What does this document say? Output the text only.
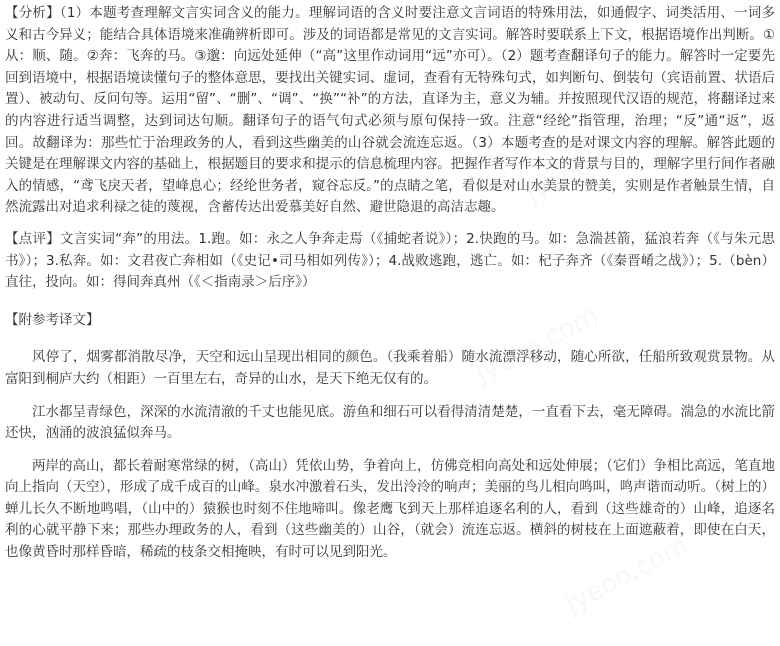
jyeoo.com
jyeoo.com
jyeoo.com

【分析】（1）本题考查理解文言实词含义的能力。理解词语的含义时要注意文言词语的特殊用法，如通假字、词类活用、一词多义和古今异义；能结合具体语境来准确辨析即可。涉及的词语都是常见的文言实词。解答时要联系上下文，根据语境作出判断。①从：顺、随。②奔：飞奔的马。③邈：向远处延伸（“高”这里作动词用“远”亦可）。（2）题考查翻译句子的能力。解答时一定要先回到语境中，根据语境读懂句子的整体意思，要找出关键实词、虚词，查看有无特殊句式，如判断句、倒装句（宾语前置、状语后置）、被动句、反问句等。运用“留”、“删”、“调”、“换”“补”的方法，直译为主，意义为辅。并按照现代汉语的规范，将翻译过来的内容进行适当调整，达到词达句顺。翻译句子的语气句式必须与原句保持一致。注意“经纶”指管理，治理；“反”通“返”，返回。故翻译为：那些忙于治理政务的人，看到这些幽美的山谷就会流连忘返。（3）本题考查的是对课文内容的理解。解答此题的关键是在理解课文内容的基础上，根据题目的要求和提示的信息梳理内容。把握作者写作本文的背景与目的，理解字里行间作者融入的情感，“鸢飞戾天者，望峰息心；经纶世务者，窥谷忘反。”的点睛之笔，看似是对山水美景的赞美，实则是作者触景生情，自然流露出对追求利禄之徒的蔑视，含蓄传达出爱慕美好自然、避世隐退的高洁志趣。

【点评】文言实词“奔”的用法。1.跑。如：永之人争奔走焉（《捕蛇者说》）；2.快跑的马。如：急湍甚箭，猛浪若奔（《与朱元思书》）；3.私奔。如：文君夜亡奔相如（《史记•司马相如列传》）；4.战败逃跑，逃亡。如：杞子奔齐（《秦晋崤之战》）；5.（bèn）直往，投向。如：得间奔真州（《＜指南录＞后序》）

【附参考译文】

风停了，烟雾都消散尽净，天空和远山呈现出相同的颜色。（我乘着船）随水流漂浮移动，随心所欲，任船所致观赏景物。从富阳到桐庐大约（相距）一百里左右，奇异的山水，是天下绝无仅有的。

江水都呈青绿色，深深的水流清澈的千丈也能见底。游鱼和细石可以看得清清楚楚，一直看下去，毫无障碍。湍急的水流比箭还快，汹涌的波浪猛似奔马。

两岸的高山，都长着耐寒常绿的树，（高山）凭依山势，争着向上，仿佛竞相向高处和远处伸展；（它们）争相比高远，笔直地向上指向（天空），形成了成千成百的山峰。泉水冲激着石头，发出泠泠的响声；美丽的鸟儿相向鸣叫，鸣声谐而动听。（树上的）蝉儿长久不断地鸣唱，（山中的）猿猴也时刻不住地啼叫。像老鹰飞到天上那样追逐名利的人，看到（这些雄奇的）山峰，追逐名利的心就平静下来；那些办理政务的人，看到（这些幽美的）山谷，（就会）流连忘返。横斜的树枝在上面遮蔽着，即使在白天，也像黄昏时那样昏暗，稀疏的枝条交相掩映，有时可以见到阳光。
